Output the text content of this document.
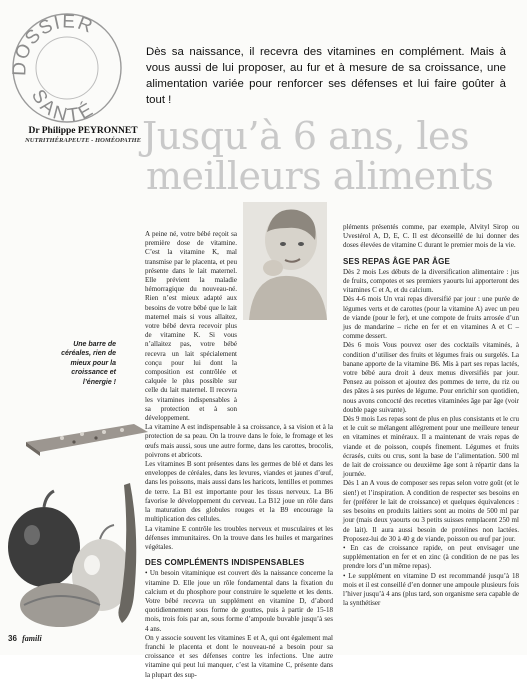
DOSSIER
SANTÉ

Dès sa naissance, il recevra des vitamines en complément. Mais à vous aussi de lui proposer, au fur et à mesure de sa croissance, une alimentation variée pour renforcer ses défenses et lui faire goûter à tout !

Dr Philippe PEYRONNET
NUTRITHÉRAPEUTE - HOMÉOPATHE Jusqu’à 6 ans, les
meilleurs aliments

Une barre de céréales, rien de mieux pour la croissance et l’énergie !

A peine né, votre bébé reçoit sa première dose de vitamine. C’est la vitamine K, mal transmise par le placenta, et peu présente dans le lait maternel. Elle prévient la maladie hémorragique du nouveau-né. Rien n’est mieux adapté aux besoins de votre bébé que le lait maternel mais si vous allaitez, votre bébé devra recevoir plus de vitamine K. Si vous n’allaitez pas, votre bébé recevra un lait spécialement conçu pour lui dont la composition est contrôlée et calquée le plus possible sur celle du lait maternel. Il recevra les vitamines indispensables à sa protection et à son développement.

La vitamine A est indispensable à sa croissance, à sa vision et à la protection de sa peau. On la trouve dans le foie, le fromage et les œufs mais aussi, sous une autre forme, dans les carottes, brocolis, poivrons et abricots.

Les vitamines B sont présentes dans les germes de blé et dans les enveloppes de céréales, dans les levures, viandes et jaunes d’œuf, dans les poissons, mais aussi dans les haricots, lentilles et pommes de terre. La B1 est importante pour les tissus nerveux. La B6 favorise le développement du cerveau. La B12 joue un rôle dans la maturation des globules rouges et la B9 encourage la multiplication des cellules.

La vitamine E contrôle les troubles nerveux et musculaires et les défenses immunitaires. On la trouve dans les huiles et margarines végétales.

DES COMPLÉMENTS INDISPENSABLES

• Un besoin vitaminique est couvert dès la naissance concerne la vitamine D. Elle joue un rôle fondamental dans la fixation du calcium et du phosphore pour construire le squelette et les dents. Votre bébé recevra un supplément en vitamine D, d’abord quotidiennement sous forme de gouttes, puis à partir de 15-18 mois, trois fois par an, sous forme d’ampoule buvable jusqu’à ses 4 ans.

On y associe souvent les vitamines E et A, qui ont également mal franchi le placenta et dont le nouveau-né a besoin pour sa croissance et ses défenses contre les infections. Une autre vitamine qui peut lui manquer, c’est la vitamine C, présente dans la plupart des sup-

pléments présentés comme, par exemple, Alvityl Sirop ou Uvestérol A, D, E, C. Il est déconseillé de lui donner des doses élevées de vitamine C durant le premier mois de la vie.

SES REPAS ÂGE PAR ÂGE

Dès 2 mois Les débuts de la diversification alimentaire : jus de fruits, compotes et ses premiers yaourts lui apporteront des vitamines C et A, et du calcium.

Dès 4-6 mois Un vrai repas diversifié par jour : une purée de légumes verts et de carottes (pour la vitamine A) avec un peu de viande (pour le fer), et une compote de fruits arrosée d’un jus de mandarine – riche en fer et en vitamines A et C – comme dessert.

Dès 6 mois Vous pouvez oser des cocktails vitaminés, à condition d’utiliser des fruits et légumes frais ou surgelés. La banane apporte de la vitamine B6. Mis à part ses repas lactés, votre bébé aura droit à deux menus diversifiés par jour. Pensez au poisson et ajoutez des pommes de terre, du riz ou des pâtes à ses purées de légume. Pour enrichir son quotidien, nous avons concocté des recettes vitaminées âge par âge (voir double page suivante).

Dès 9 mois Les repas sont de plus en plus consistants et le cru et le cuit se mélangent allégrement pour une meilleure teneur en vitamines et minéraux. Il a maintenant de vrais repas de viande et de poisson, coupés finement. Légumes et fruits écrasés, cuits ou crus, sont la base de l’alimentation. 500 ml de lait de croissance ou deuxième âge sont à répartir dans la journée.

Dès 1 an A vous de composer ses repas selon votre goût (et le sien!) et l’inspiration. A condition de respecter ses besoins en fer (préférer le lait de croissance) et quelques équivalences : ses besoins en produits laitiers sont au moins de 500 ml par jour (mais deux yaourts ou 3 petits suisses remplacent 250 ml de lait). Il aura aussi besoin de protéines non lactées. Proposez-lui de 30 à 40 g de viande, poisson ou œuf par jour.

• En cas de croissance rapide, on peut envisager une supplémentation en fer et en zinc (à condition de ne pas les prendre lors d’un même repas).

• Le supplément en vitamine D est recommandé jusqu’à 18 mois et il est conseillé d’en donner une ampoule plusieurs fois l’hiver jusqu’à 4 ans (plus tard, son organisme sera capable de la synthétiser

36 famili
